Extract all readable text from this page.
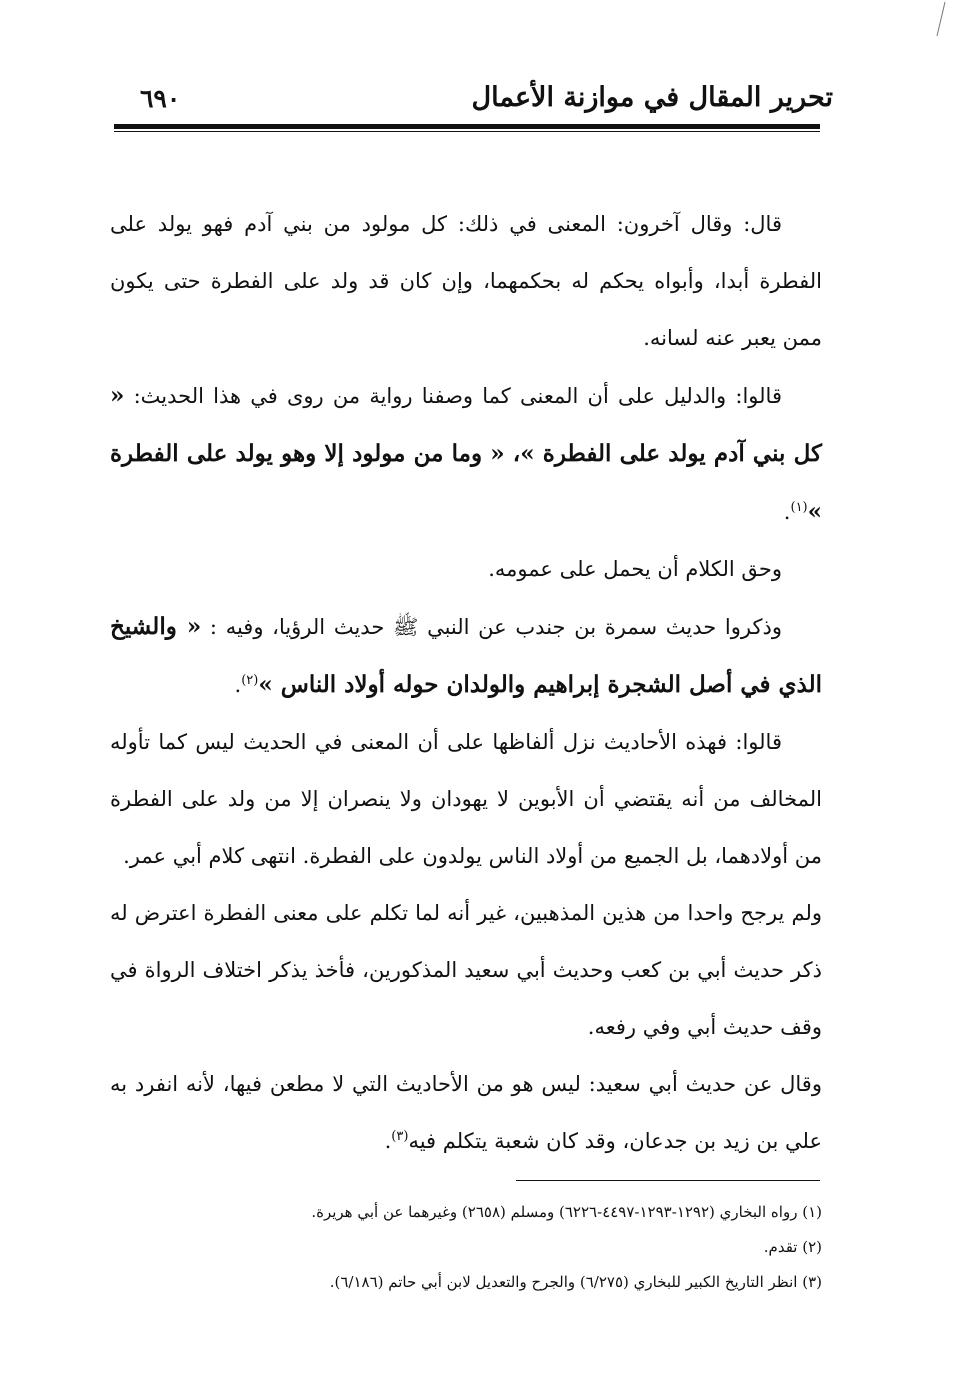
تحرير المقال في موازنة الأعمال
٦٩٠

قال: وقال آخرون: المعنى في ذلك: كل مولود من بني آدم فهو يولد على الفطرة أبدا، وأبواه يحكم له بحكمهما، وإن كان قد ولد على الفطرة حتى يكون ممن يعبر عنه لسانه.

قالوا: والدليل على أن المعنى كما وصفنا رواية من روى في هذا الحديث: « كل بني آدم يولد على الفطرة »، « وما من مولود إلا وهو يولد على الفطرة »$^{(١)}$.

وحق الكلام أن يحمل على عمومه.

وذكروا حديث سمرة بن جندب عن النبي ﷺ حديث الرؤيا، وفيه : « والشيخ الذي في أصل الشجرة إبراهيم والولدان حوله أولاد الناس »$^{(٢)}$.

قالوا: فهذه الأحاديث نزل ألفاظها على أن المعنى في الحديث ليس كما تأوله المخالف من أنه يقتضي أن الأبوين لا يهودان ولا ينصران إلا من ولد على الفطرة من أولادهما، بل الجميع من أولاد الناس يولدون على الفطرة. انتهى كلام أبي عمر.

ولم يرجح واحدا من هذين المذهبين، غير أنه لما تكلم على معنى الفطرة اعترض له ذكر حديث أبي بن كعب وحديث أبي سعيد المذكورين، فأخذ يذكر اختلاف الرواة في وقف حديث أبي وفي رفعه.

وقال عن حديث أبي سعيد: ليس هو من الأحاديث التي لا مطعن فيها، لأنه انفرد به علي بن زيد بن جدعان، وقد كان شعبة يتكلم فيه$^{(٣)}$.

(١) رواه البخاري (١٢٩٢-١٢٩٣-٤٤٩٧-٦٢٢٦) ومسلم (٢٦٥٨) وغيرهما عن أبي هريرة.

(٢) تقدم.

(٣) انظر التاريخ الكبير للبخاري (٦/٢٧٥) والجرح والتعديل لابن أبي حاتم (٦/١٨٦).
